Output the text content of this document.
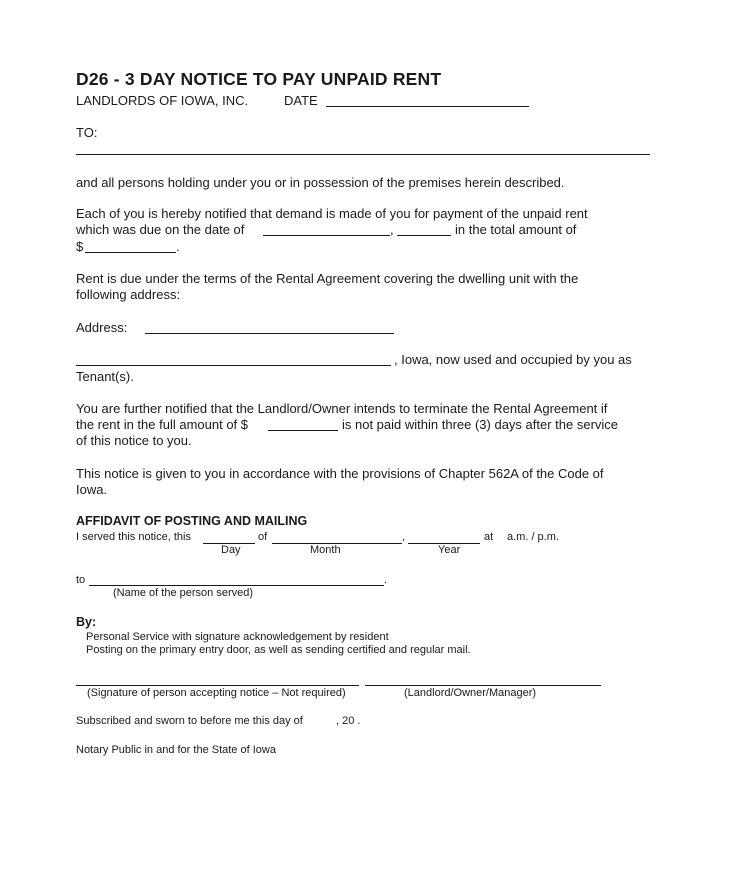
D26 - 3 DAY NOTICE TO PAY UNPAID RENT
LANDLORDS OF IOWA, INC.	DATE
TO:
and all persons holding under you or in possession of the premises herein described.
Each of you is hereby notified that demand is made of you for payment of the unpaid rent
which was due on the date of	,	in the total amount of
$	.
Rent is due under the terms of the Rental Agreement covering the dwelling unit with the
following address:
Address:
, Iowa, now used and occupied by you as
Tenant(s).
You are further notified that the Landlord/Owner intends to terminate the Rental Agreement if
the rent in the full amount of $	is not paid within three (3) days after the service
of this notice to you.
This notice is given to you in accordance with the provisions of Chapter 562A of the Code of
Iowa.
AFFIDAVIT OF POSTING AND MAILING
I served this notice, this	of	,	at a.m. / p.m.
Day	Month	Year
to	.
(Name of the person served)
By:
Personal Service with signature acknowledgement by resident
Posting on the primary entry door, as well as sending certified and regular mail.
(Signature of person accepting notice – Not required)	(Landlord/Owner/Manager)
Subscribed and sworn to before me this day of	, 20 .
Notary Public in and for the State of Iowa
